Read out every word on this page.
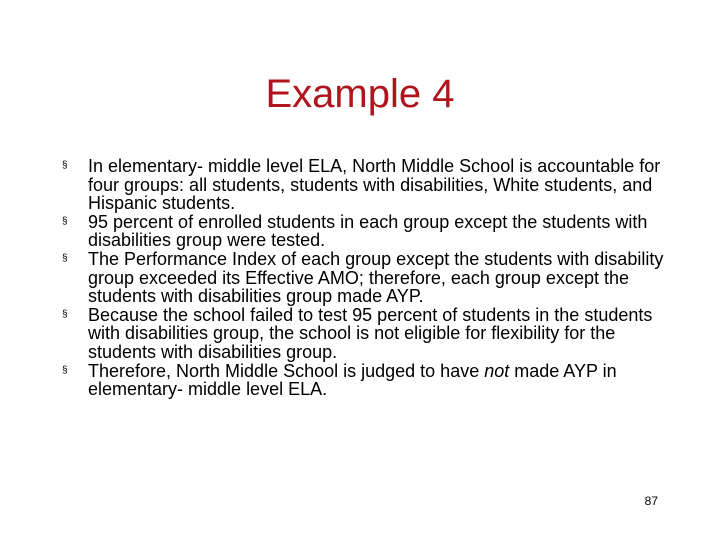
Example 4
§ In elementary- middle level ELA, North Middle School is accountable for four groups: all students, students with disabilities, White students, and Hispanic students.
§ 95 percent of enrolled students in each group except the students with disabilities group were tested.
§ The Performance Index of each group except the students with disability group exceeded its Effective AMO; therefore, each group except the students with disabilities group made AYP.
§ Because the school failed to test 95 percent of students in the students with disabilities group, the school is not eligible for flexibility for the students with disabilities group.
§ Therefore, North Middle School is judged to have not made AYP in elementary- middle level ELA.
87
